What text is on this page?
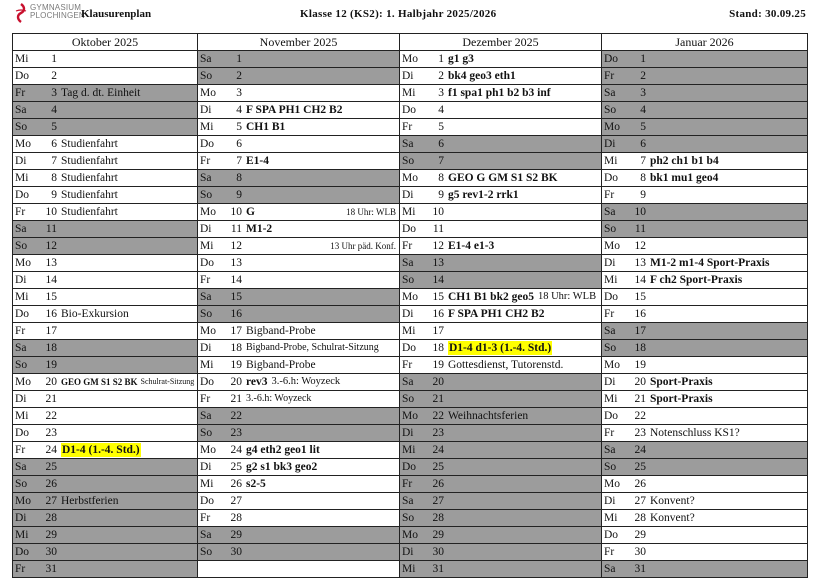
GYMNASIUM
PLOCHINGEN
Klausurenplan	Klasse 12 (KS2): 1. Halbjahr 2025/2026	Stand: 30.09.25
Oktober 2025	November 2025	Dezember 2025	Januar 2026

Mi 1	Sa 1	Mo 1 g1 g3	Do 1

Do 2	So 2	Di 2 bk4 geo3 eth1	Fr 2

Fr 3 Tag d. dt. Einheit	Mo 3	Mi 3 f1 spa1 ph1 b2 b3 inf	Sa 3

Sa 4	Di 4 F SPA PH1 CH2 B2	Do 4	So 4

So 5	Mi 5 CH1 B1	Fr 5	Mo 5

Mo 6 Studienfahrt	Do 6	Sa 6	Di 6

Di 7 Studienfahrt	Fr 7 E1-4	So 7	Mi 7 ph2 ch1 b1 b4

Mi 8 Studienfahrt	Sa 8	Mo 8 GEO G GM S1 S2 BK	Do 8 bk1 mu1 geo4

Do 9 Studienfahrt	So 9	Di 9 g5 rev1-2 rrk1	Fr 9

Fr 10 Studienfahrt	Mo 10 G 18 Uhr: WLB	Mi 10	Sa 10

Sa 11	Di 11 M1-2	Do 11	So 11

So 12	Mi 12 13 Uhr päd. Konf.	Fr 12 E1-4 e1-3	Mo 12

Mo 13	Do 13	Sa 13	Di 13 M1-2 m1-4 Sport-Praxis

Di 14	Fr 14	So 14	Mi 14 F ch2 Sport-Praxis

Mi 15	Sa 15	Mo 15 CH1 B1 bk2 geo5 18 Uhr: WLB	Do 15

Do 16 Bio-Exkursion	So 16	Di 16 F SPA PH1 CH2 B2	Fr 16

Fr 17	Mo 17 Bigband-Probe	Mi 17	Sa 17

Sa 18	Di 18 Bigband-Probe, Schulrat-Sitzung	Do 18 D1-4 d1-3 (1.-4. Std.)	So 18

So 19	Mi 19 Bigband-Probe	Fr 19 Gottesdienst, Tutorenstd.	Mo 19

Mo 20 GEO GM S1 S2 BK Schulrat-Sitzung	Do 20 rev3 3.-6.h: Woyzeck	Sa 20	Di 20 Sport-Praxis

Di 21	Fr 21 3.-6.h: Woyzeck	So 21	Mi 21 Sport-Praxis

Mi 22	Sa 22	Mo 22 Weihnachtsferien	Do 22

Do 23	So 23	Di 23	Fr 23 Notenschluss KS1?

Fr 24 D1-4 (1.-4. Std.)	Mo 24 g4 eth2 geo1 lit	Mi 24	Sa 24

Sa 25	Di 25 g2 s1 bk3 geo2	Do 25	So 25

So 26	Mi 26 s2-5	Fr 26	Mo 26

Mo 27 Herbstferien	Do 27	Sa 27	Di 27 Konvent?

Di 28	Fr 28	So 28	Mi 28 Konvent?

Mi 29	Sa 29	Mo 29	Do 29

Do 30	So 30	Di 30	Fr 30

Fr 31		Mi 31	Sa 31
